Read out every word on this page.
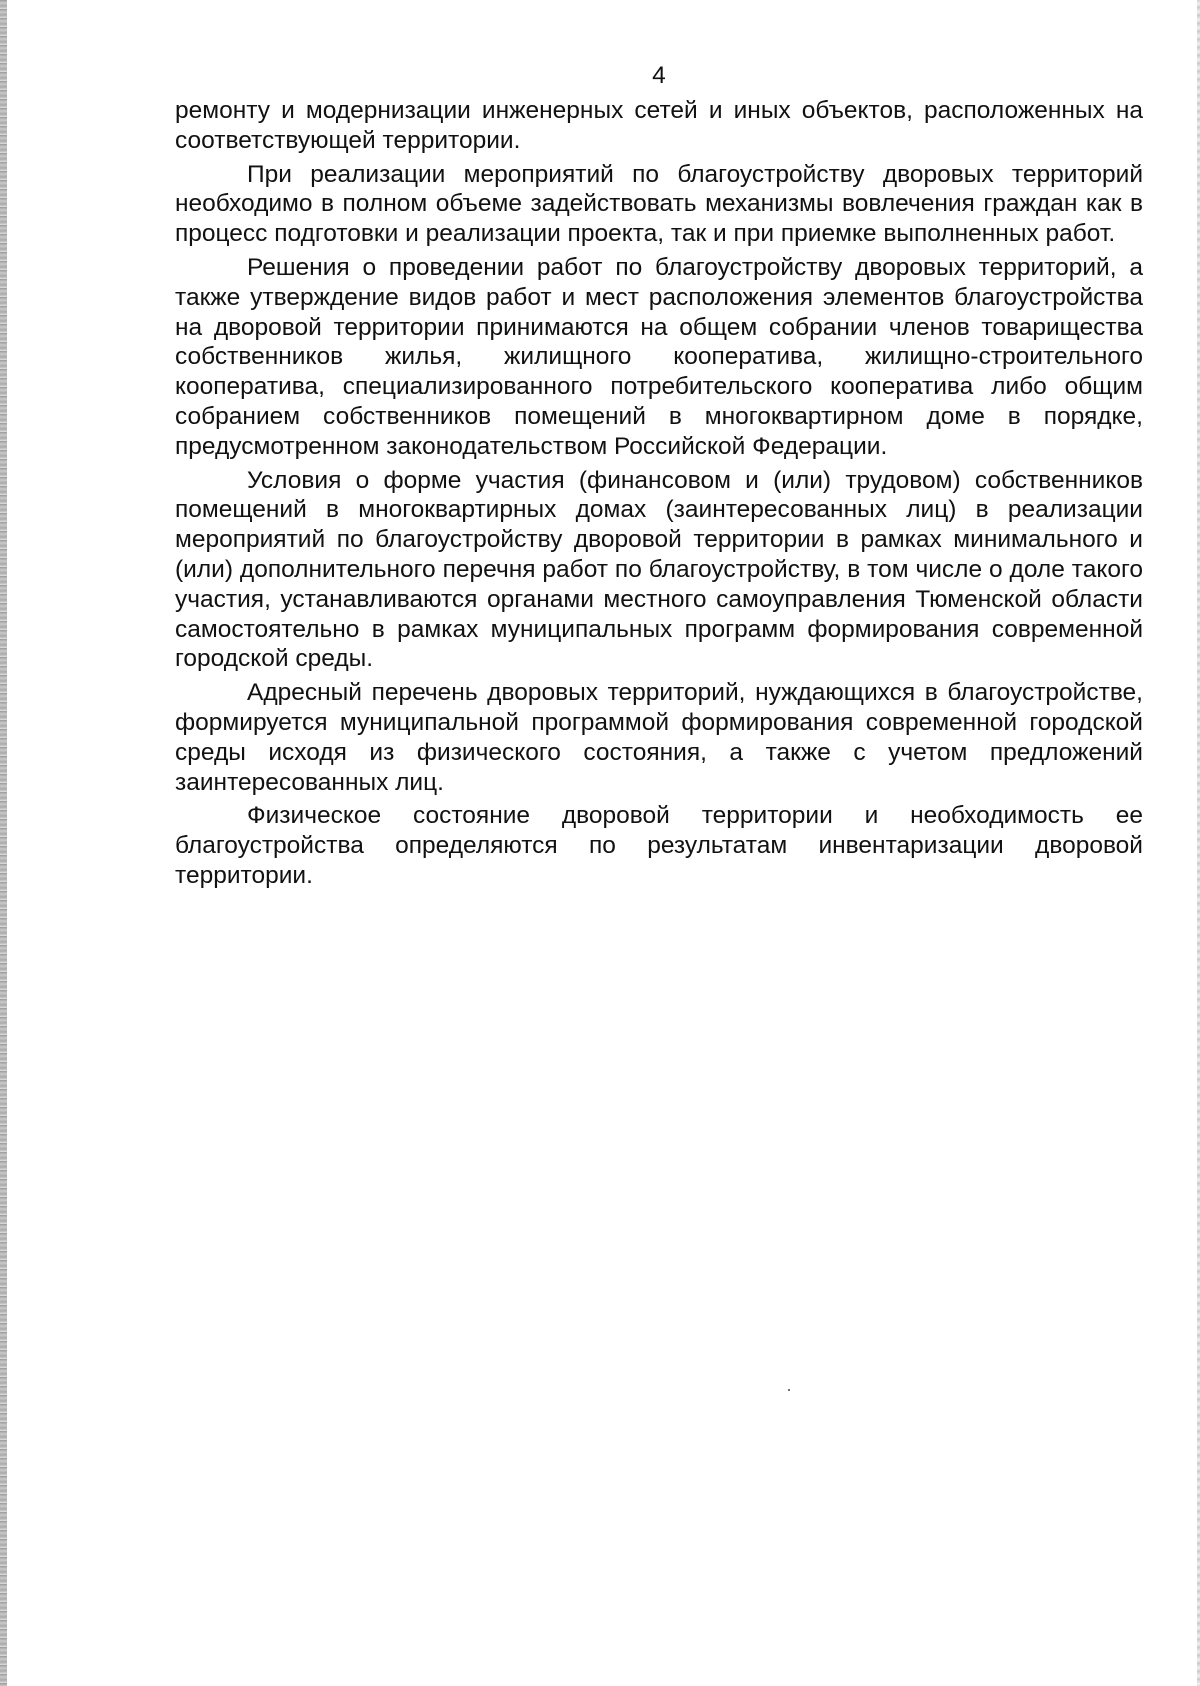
4

ремонту и модернизации инженерных сетей и иных объектов, расположенных на соответствующей территории.

При реализации мероприятий по благоустройству дворовых территорий необходимо в полном объеме задействовать механизмы вовлечения граждан как в процесс подготовки и реализации проекта, так и при приемке выполненных работ.

Решения о проведении работ по благоустройству дворовых территорий, а также утверждение видов работ и мест расположения элементов благоустройства на дворовой территории принимаются на общем собрании членов товарищества собственников жилья, жилищного кооператива, жилищно-строительного кооператива, специализированного потребительского кооператива либо общим собранием собственников помещений в многоквартирном доме в порядке, предусмотренном законодательством Российской Федерации.

Условия о форме участия (финансовом и (или) трудовом) собственников помещений в многоквартирных домах (заинтересованных лиц) в реализации мероприятий по благоустройству дворовой территории в рамках минимального и (или) дополнительного перечня работ по благоустройству, в том числе о доле такого участия, устанавливаются органами местного самоуправления Тюменской области самостоятельно в рамках муниципальных программ формирования современной городской среды.

Адресный перечень дворовых территорий, нуждающихся в благоустройстве, формируется муниципальной программой формирования современной городской среды исходя из физического состояния, а также с учетом предложений заинтересованных лиц.

Физическое состояние дворовой территории и необходимость ее благоустройства определяются по результатам инвентаризации дворовой территории.
